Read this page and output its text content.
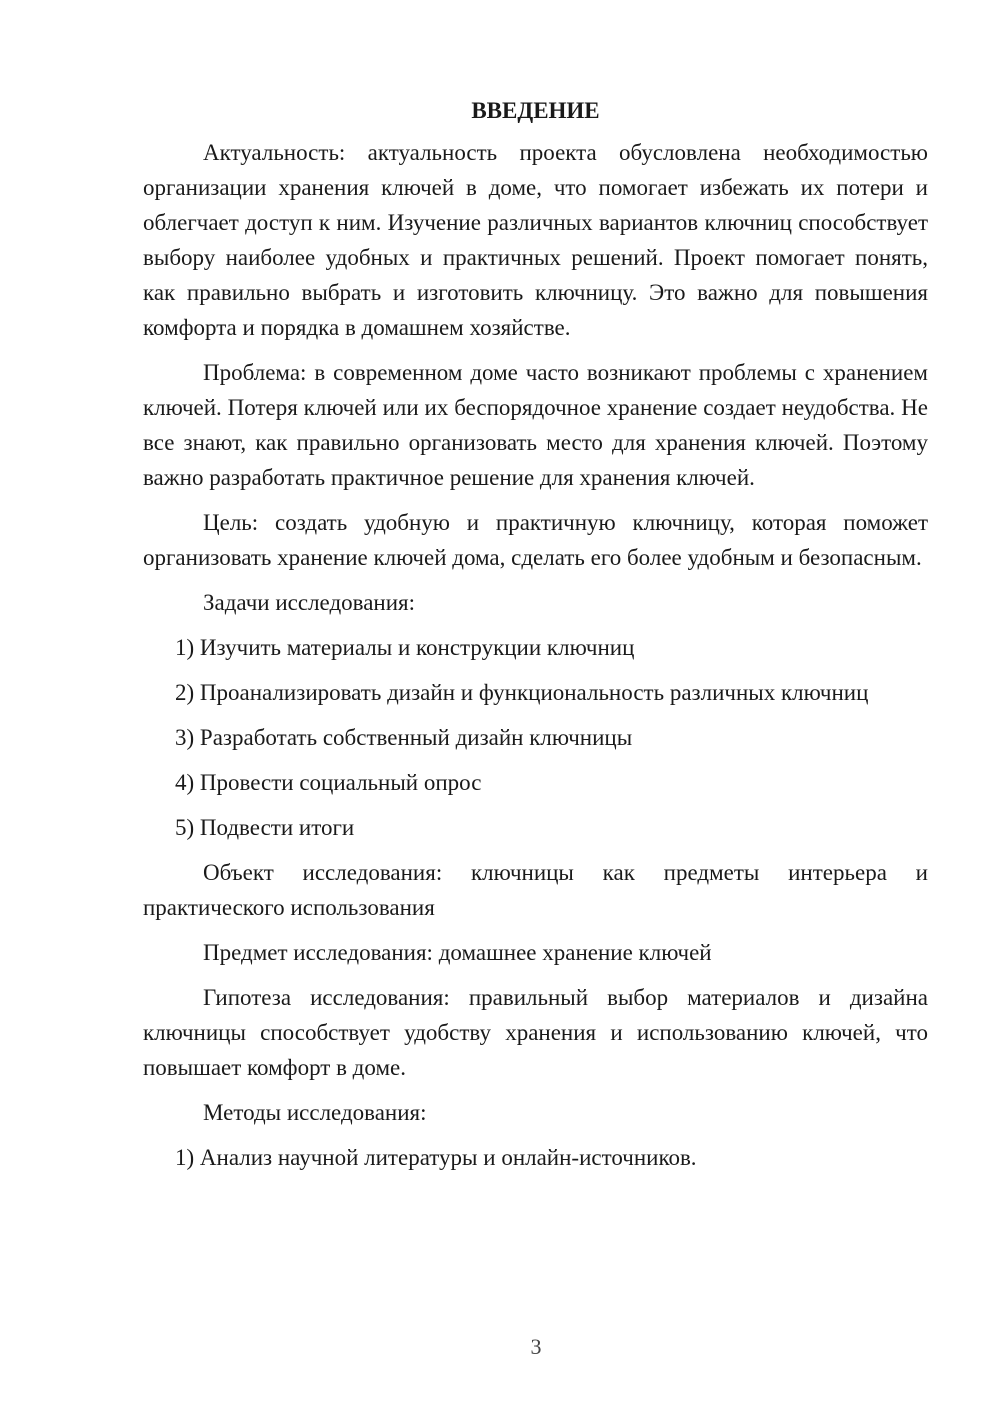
ВВЕДЕНИЕ

Актуальность: актуальность проекта обусловлена необходимостью организации хранения ключей в доме, что помогает избежать их потери и облегчает доступ к ним. Изучение различных вариантов ключниц способствует выбору наиболее удобных и практичных решений. Проект помогает понять, как правильно выбрать и изготовить ключницу. Это важно для повышения комфорта и порядка в домашнем хозяйстве.

Проблема: в современном доме часто возникают проблемы с хранением ключей. Потеря ключей или их беспорядочное хранение создает неудобства. Не все знают, как правильно организовать место для хранения ключей. Поэтому важно разработать практичное решение для хранения ключей.

Цель: создать удобную и практичную ключницу, которая поможет организовать хранение ключей дома, сделать его более удобным и безопасным.

Задачи исследования:

1) Изучить материалы и конструкции ключниц

2) Проанализировать дизайн и функциональность различных ключниц

3) Разработать собственный дизайн ключницы

4) Провести социальный опрос

5) Подвести итоги

Объект исследования: ключницы как предметы интерьера и практического использования

Предмет исследования: домашнее хранение ключей

Гипотеза исследования: правильный выбор материалов и дизайна ключницы способствует удобству хранения и использованию ключей, что повышает комфорт в доме.

Методы исследования:

1) Анализ научной литературы и онлайн-источников.

3
